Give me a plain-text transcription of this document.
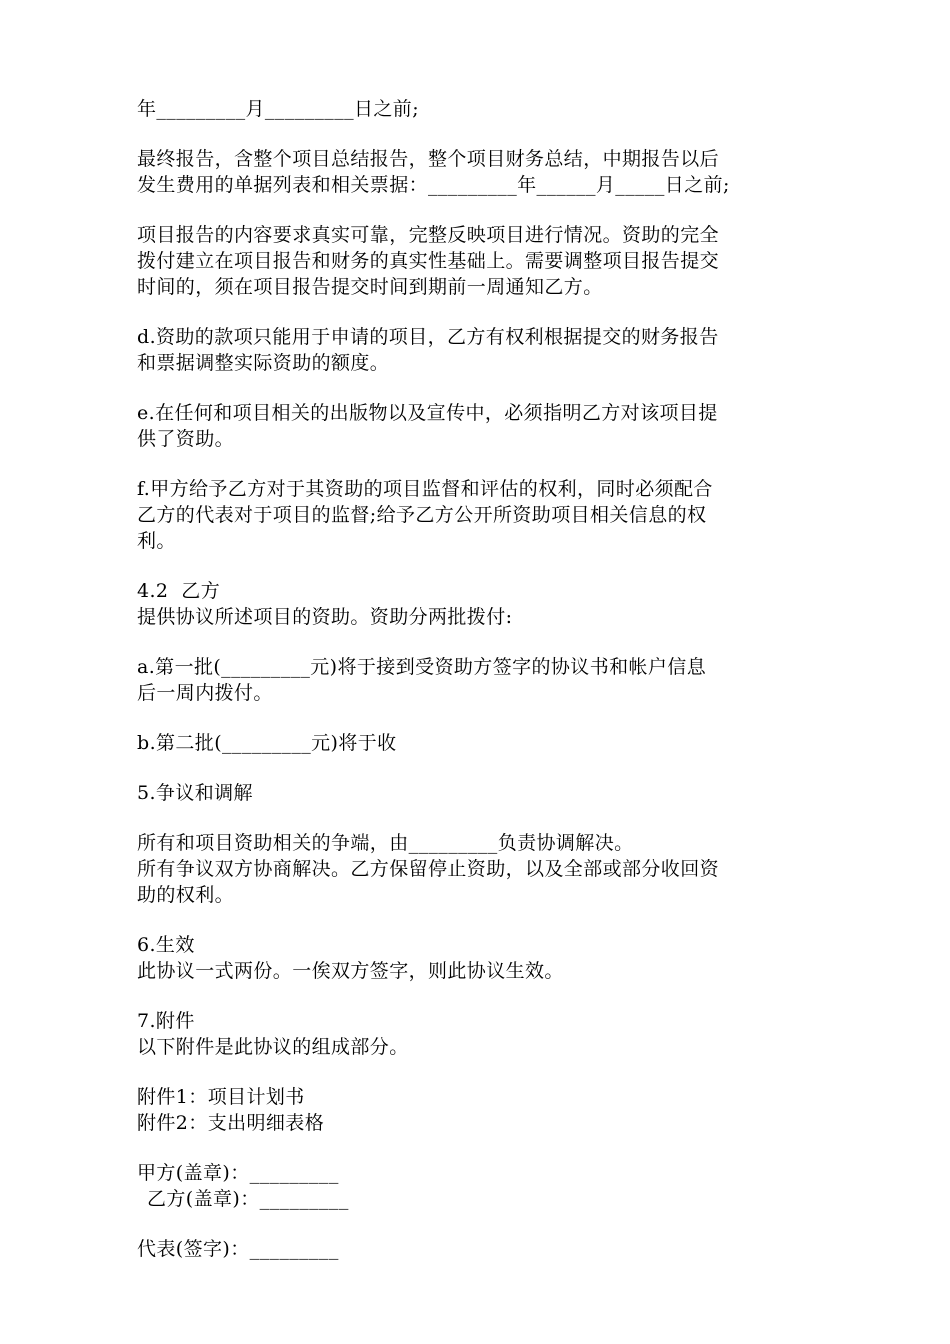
年_________月_________日之前;
最终报告，含整个项目总结报告，整个项目财务总结，中期报告以后
发生费用的单据列表和相关票据：_________年______月_____日之前;
项目报告的内容要求真实可靠，完整反映项目进行情况。资助的完全
拨付建立在项目报告和财务的真实性基础上。需要调整项目报告提交
时间的，须在项目报告提交时间到期前一周通知乙方。
d.资助的款项只能用于申请的项目，乙方有权利根据提交的财务报告
和票据调整实际资助的额度。
e.在任何和项目相关的出版物以及宣传中，必须指明乙方对该项目提
供了资助。
f.甲方给予乙方对于其资助的项目监督和评估的权利，同时必须配合
乙方的代表对于项目的监督;给予乙方公开所资助项目相关信息的权
利。
4.2  乙方
提供协议所述项目的资助。资助分两批拨付:
a.第一批(_________元)将于接到受资助方签字的协议书和帐户信息
后一周内拨付。
b.第二批(_________元)将于收
5.争议和调解
所有和项目资助相关的争端，由_________负责协调解决。
所有争议双方协商解决。乙方保留停止资助，以及全部或部分收回资
助的权利。
6.生效
此协议一式两份。一俟双方签字，则此协议生效。
7.附件
以下附件是此协议的组成部分。
附件1：项目计划书
附件2：支出明细表格
甲方(盖章)：_________
乙方(盖章)：_________
代表(签字)：_________
